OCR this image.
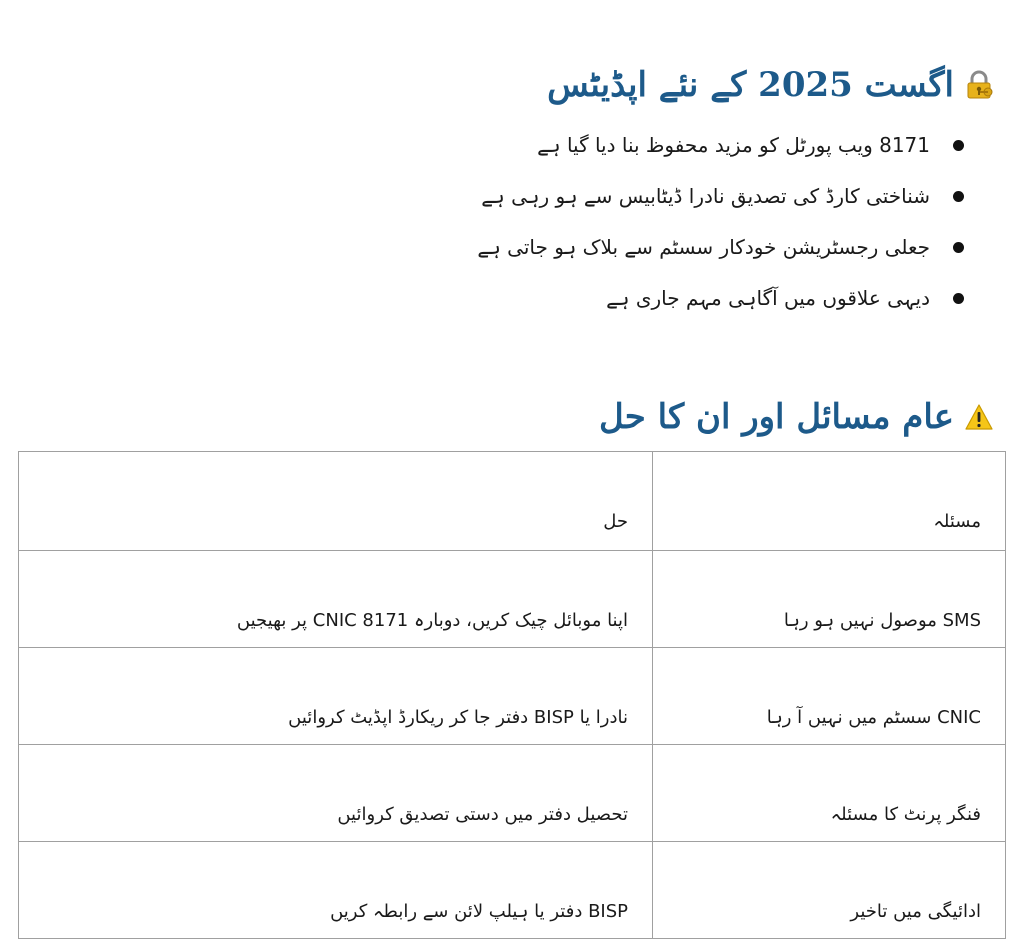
اگست 2025 کے نئے اپڈیٹس
8171 ویب پورٹل کو مزید محفوظ بنا دیا گیا ہے
شناختی کارڈ کی تصدیق نادرا ڈیٹابیس سے ہو رہی ہے
جعلی رجسٹریشن خودکار سسٹم سے بلاک ہو جاتی ہے
دیہی علاقوں میں آگاہی مہم جاری ہے
عام مسائل اور ان کا حل
مسئلہ	حل
SMS موصول نہیں ہو رہا	اپنا موبائل چیک کریں، دوبارہ CNIC 8171 پر بھیجیں
CNIC سسٹم میں نہیں آ رہا	نادرا یا BISP دفتر جا کر ریکارڈ اپڈیٹ کروائیں
فنگر پرنٹ کا مسئلہ	تحصیل دفتر میں دستی تصدیق کروائیں
ادائیگی میں تاخیر	BISP دفتر یا ہیلپ لائن سے رابطہ کریں
